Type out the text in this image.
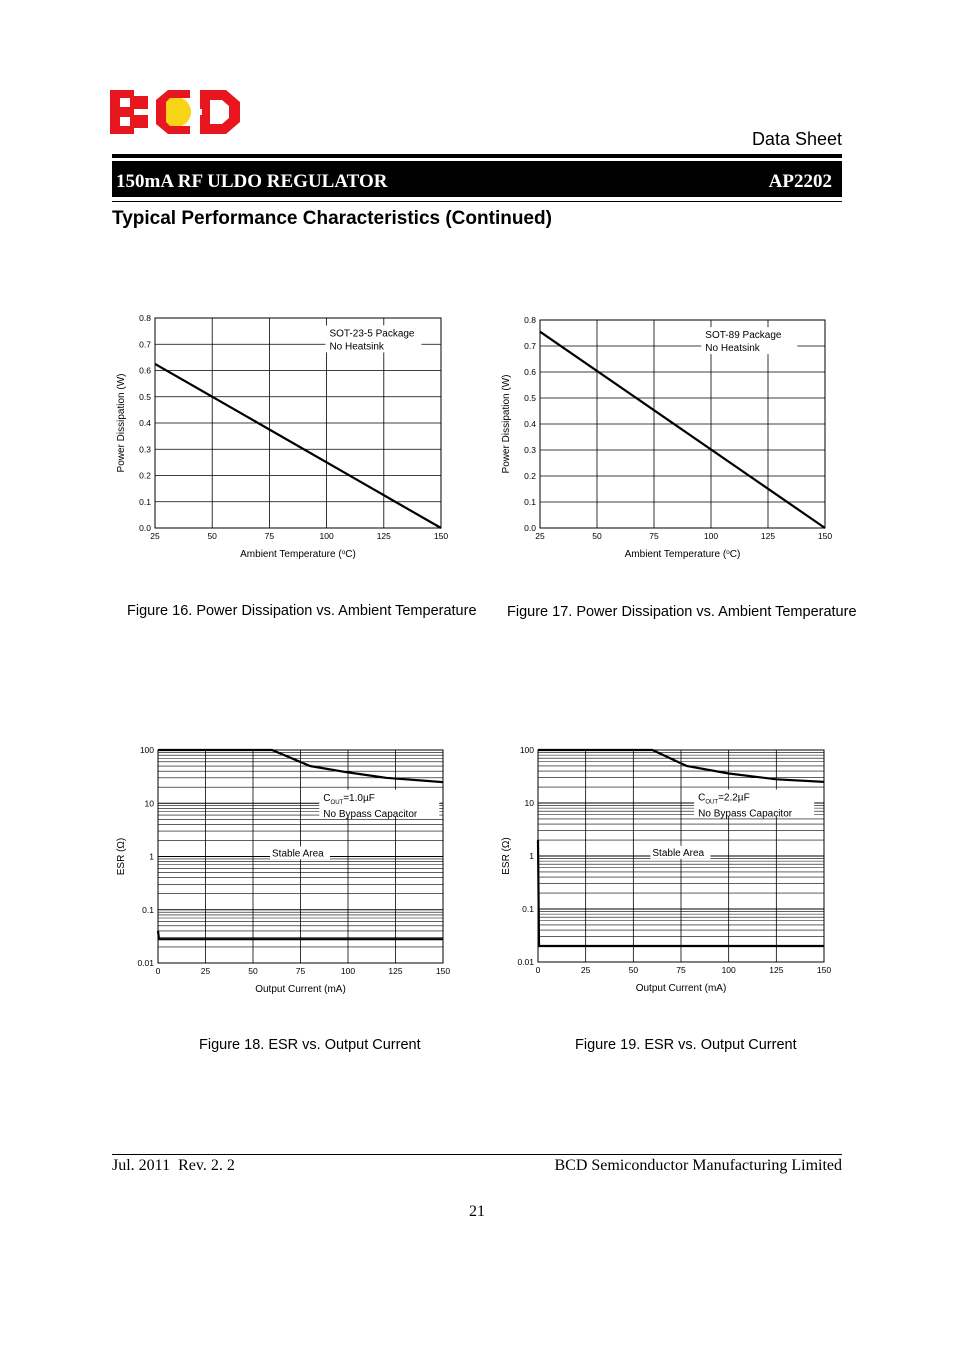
Data Sheet
150mA RF ULDO REGULATOR	AP2202
Typical Performance Characteristics (Continued)
25	50	75	100	125	150
0.0
0.1
0.2
0.3
0.4
0.5
0.6
0.7
0.8
Ambient Temperature ($^o$C)
Power Dissipation (W)
SOT-23-5 Package
No Heatsink
Figure 16. Power Dissipation vs. Ambient Temperature
25	50	75	100	125	150
0.0
0.1
0.2
0.3
0.4
0.5
0.6
0.7
0.8
Ambient Temperature ($^o$C)
Power Dissipation (W)
SOT-89 Package
No Heatsink
Figure 17. Power Dissipation vs. Ambient Temperature
0	25	50	75	100	125	150
0.01
0.1
1
10
100
Output Current (mA)
ESR (Ω)
$C_{OUT}=1.0\mu F$
No Bypass Capacitor
Stable Area
Figure 18. ESR vs. Output Current
0	25	50	75	100	125	150
0.01
0.1
1
10
100
Output Current (mA)
ESR (Ω)
$C_{OUT}=2.2\mu F$
No Bypass Capacitor
Stable Area
Figure 19. ESR vs. Output Current
Jul. 2011  Rev. 2. 2	BCD Semiconductor Manufacturing Limited
21
